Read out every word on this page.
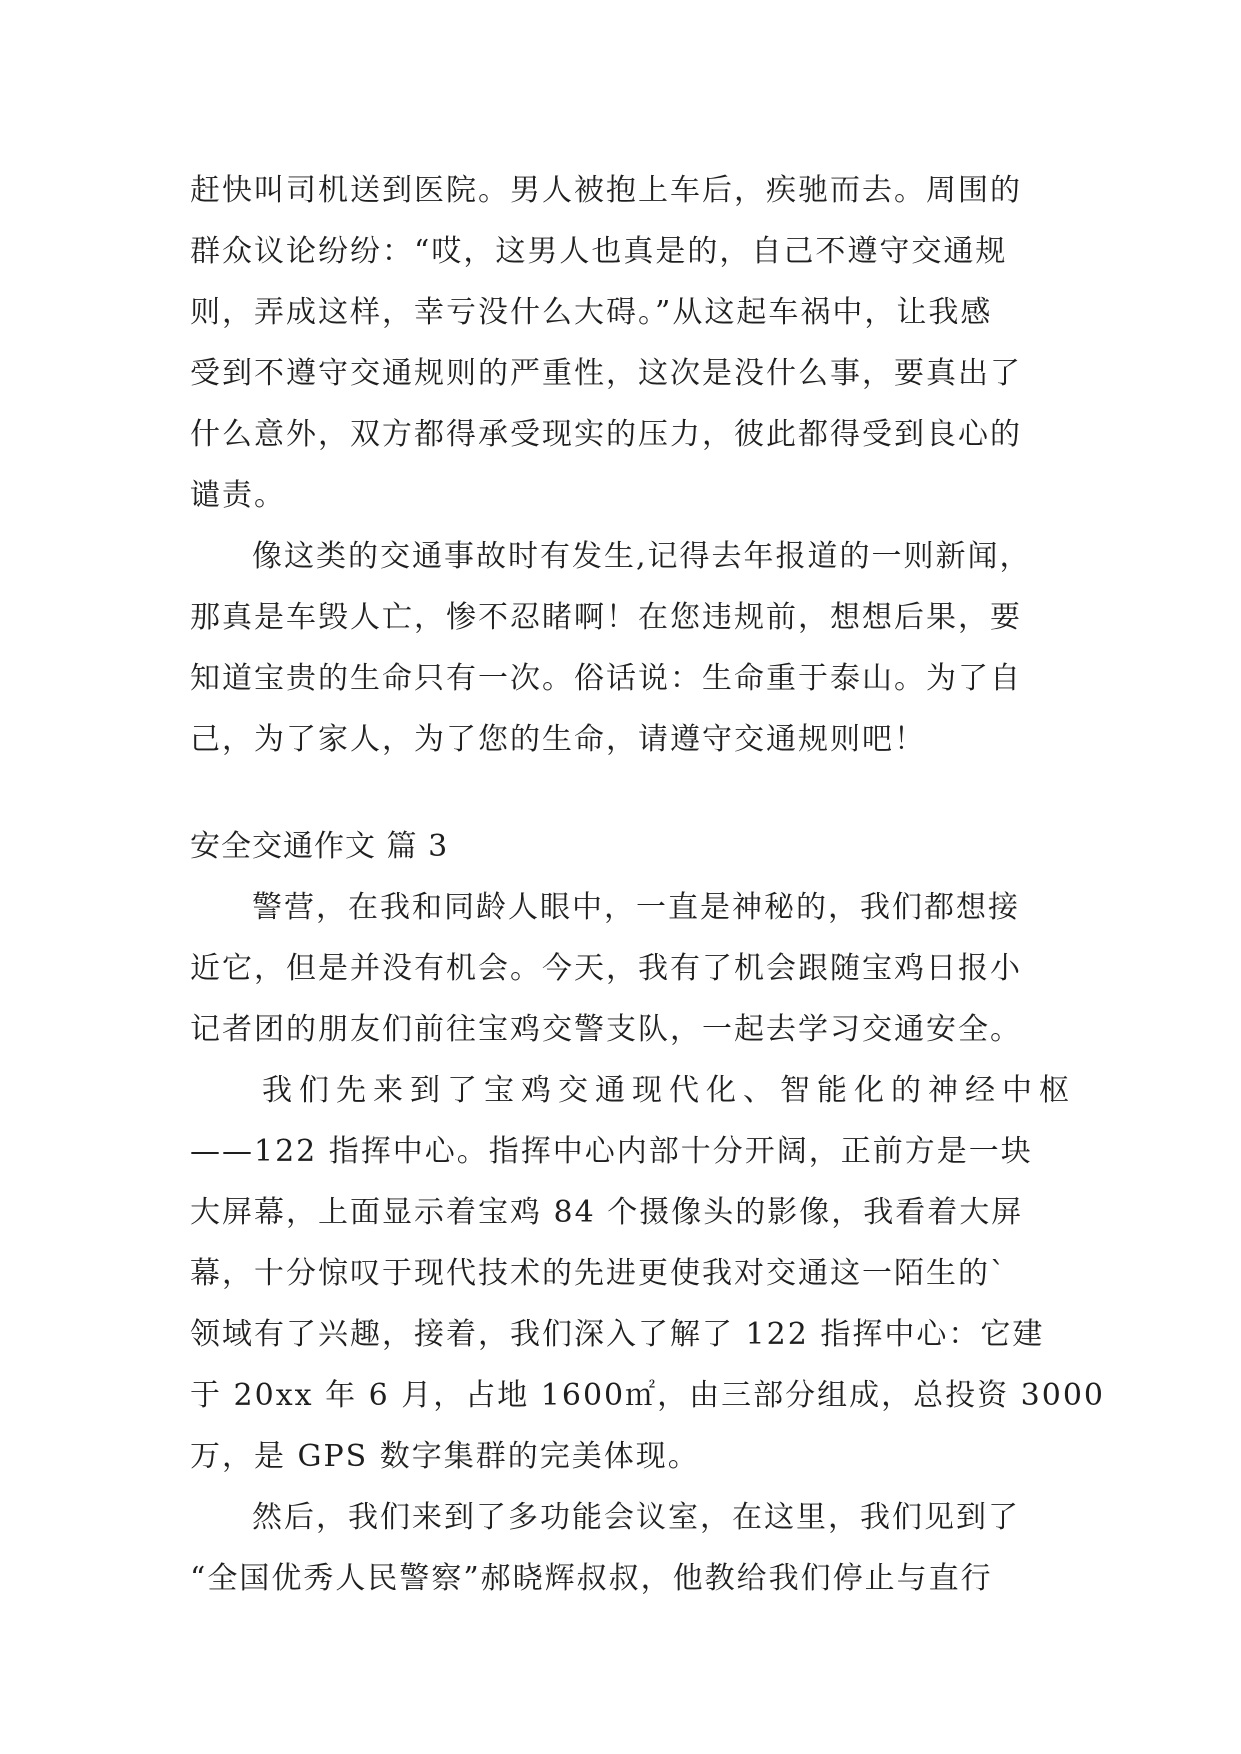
赶快叫司机送到医院。男人被抱上车后，疾驰而去。周围的
群众议论纷纷：“哎，这男人也真是的，自己不遵守交通规
则，弄成这样，幸亏没什么大碍。”从这起车祸中，让我感
受到不遵守交通规则的严重性，这次是没什么事，要真出了
什么意外，双方都得承受现实的压力，彼此都得受到良心的
谴责。
像这类的交通事故时有发生,记得去年报道的一则新闻，
那真是车毁人亡，惨不忍睹啊！在您违规前，想想后果，要
知道宝贵的生命只有一次。俗话说：生命重于泰山。为了自
己，为了家人，为了您的生命，请遵守交通规则吧！
安全交通作文 篇 3
警营，在我和同龄人眼中，一直是神秘的，我们都想接
近它，但是并没有机会。今天，我有了机会跟随宝鸡日报小
记者团的朋友们前往宝鸡交警支队，一起去学习交通安全。
我们先来到了宝鸡交通现代化、智能化的神经中枢
——122 指挥中心。指挥中心内部十分开阔，正前方是一块
大屏幕，上面显示着宝鸡 84 个摄像头的影像，我看着大屏
幕，十分惊叹于现代技术的先进更使我对交通这一陌生的`
领域有了兴趣，接着，我们深入了解了 122 指挥中心：它建
于 20xx 年 6 月，占地 1600㎡，由三部分组成，总投资 3000
万，是 GPS 数字集群的完美体现。
然后，我们来到了多功能会议室，在这里，我们见到了
“全国优秀人民警察”郝晓辉叔叔，他教给我们停止与直行
